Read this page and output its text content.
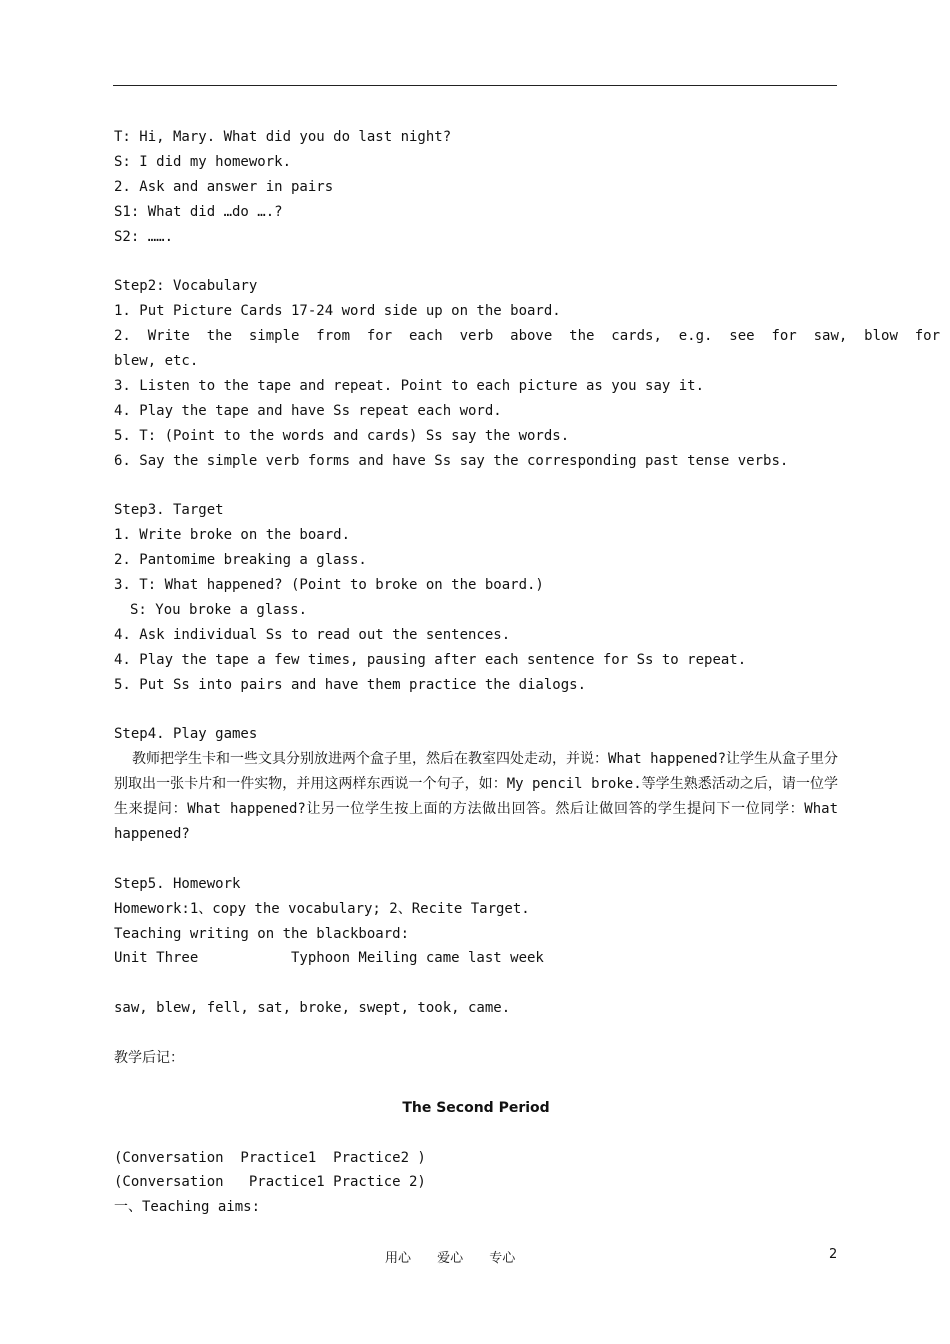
T: Hi, Mary. What did you do last night?
S: I did my homework.
2. Ask and answer in pairs
S1: What did …do ….?
S2: …….
Step2: Vocabulary
1. Put Picture Cards 17-24 word side up on the board.
2.  Write  the  simple  from  for  each  verb  above  the  cards,  e.g.  see  for  saw,  blow  for
blew, etc.
3. Listen to the tape and repeat. Point to each picture as you say it.
4. Play the tape and have Ss repeat each word.
5. T: (Point to the words and cards) Ss say the words.
6. Say the simple verb forms and have Ss say the corresponding past tense verbs.
Step3. Target
1. Write broke on the board.
2. Pantomime breaking a glass.
3. T: What happened? (Point to broke on the board.)
S: You broke a glass.
4. Ask individual Ss to read out the sentences.
4. Play the tape a few times, pausing after each sentence for Ss to repeat.
5. Put Ss into pairs and have them practice the dialogs.
Step4. Play games
教师把学生卡和一些文具分别放进两个盒子里，然后在教室四处走动，并说：What happened?让学生从盒子里分别取出一张卡片和一件实物，并用这两样东西说一个句子，如：My pencil broke.等学生熟悉活动之后，请一位学生来提问：What happened?让另一位学生按上面的方法做出回答。然后让做回答的学生提问下一位同学：What happened?
Step5. Homework
Homework:1、copy the vocabulary; 2、Recite Target.
Teaching writing on the blackboard:
Unit Three           Typhoon Meiling came last week
saw, blew, fell, sat, broke, swept, took, came.
教学后记：
The Second Period
(Conversation  Practice1  Practice2 )
(Conversation   Practice1 Practice 2)
一、Teaching aims:
用心 爱心 专心	2
